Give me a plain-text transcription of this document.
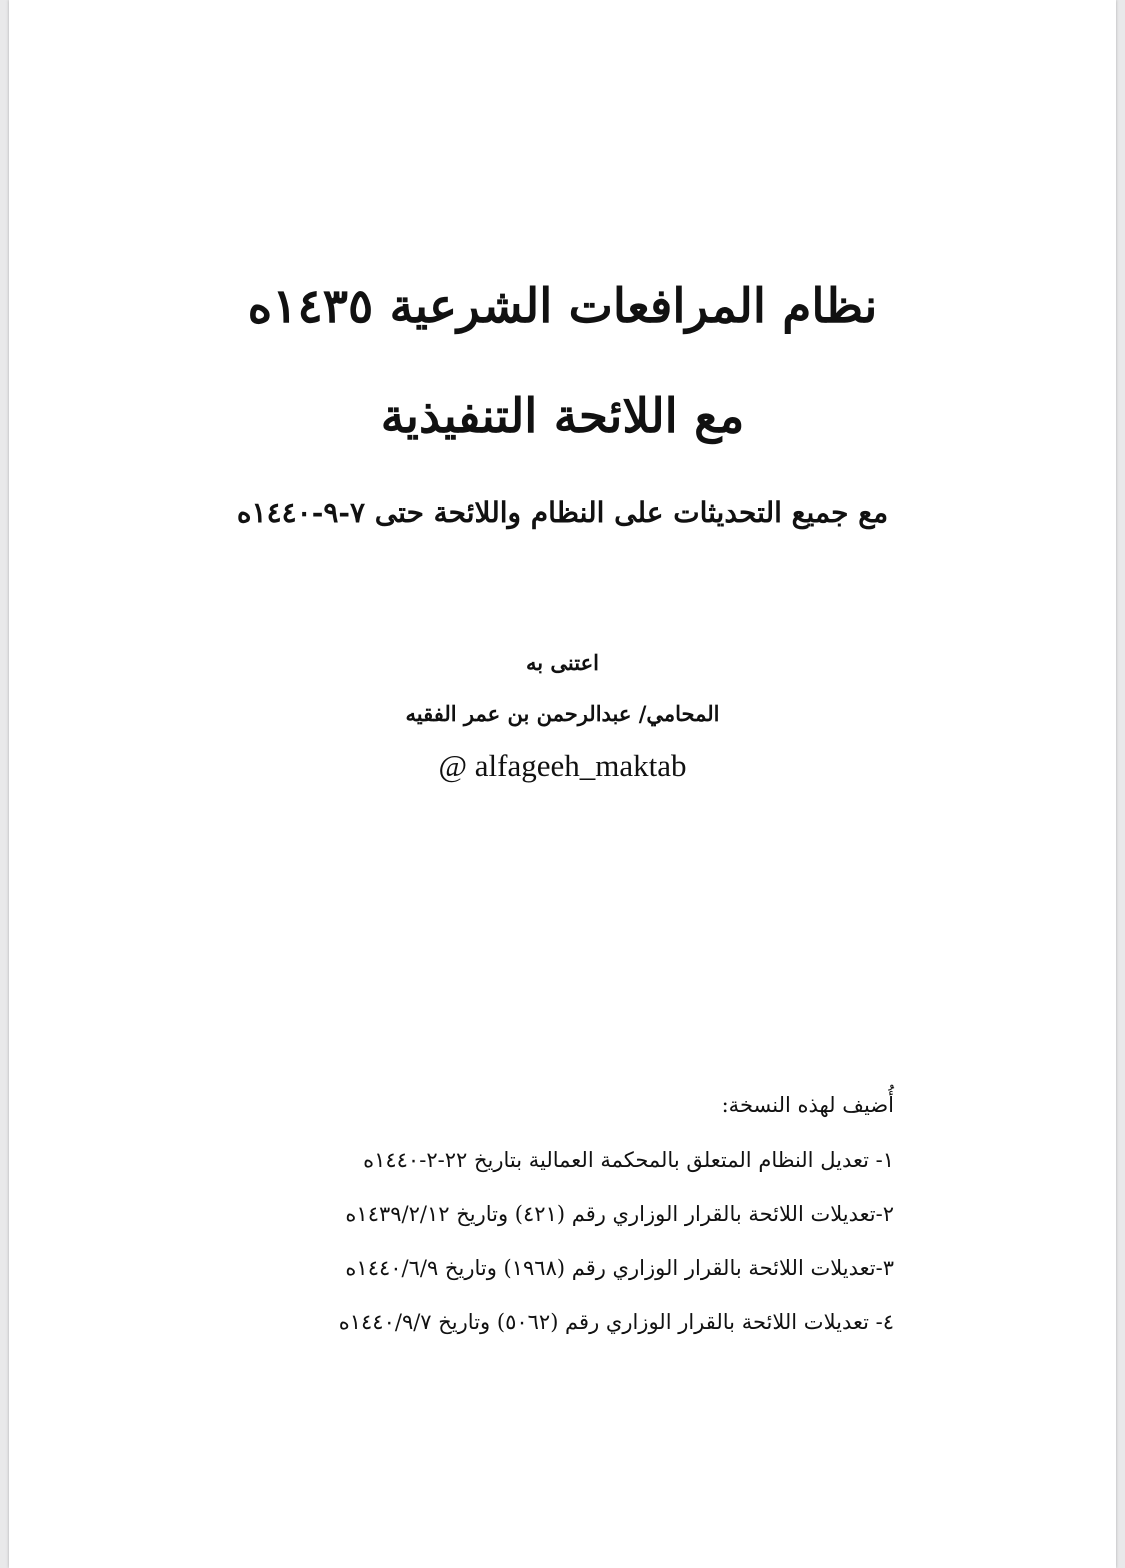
نظام المرافعات الشرعية ١٤٣٥ه
مع اللائحة التنفيذية
مع جميع التحديثات على النظام واللائحة حتى ٧-٩-١٤٤٠ه
اعتنى به
المحامي/ عبدالرحمن بن عمر الفقيه
@ alfageeh_maktab
أُضيف لهذه النسخة:
١- تعديل النظام المتعلق بالمحكمة العمالية بتاريخ ٢٢-٢-١٤٤٠ه
٢-تعديلات اللائحة بالقرار الوزاري رقم (٤٢١) وتاريخ ١٤٣٩/٢/١٢ه
٣-تعديلات اللائحة بالقرار الوزاري رقم (١٩٦٨) وتاريخ ١٤٤٠/٦/٩ه
٤- تعديلات اللائحة بالقرار الوزاري رقم (٥٠٦٢) وتاريخ ١٤٤٠/٩/٧ه
